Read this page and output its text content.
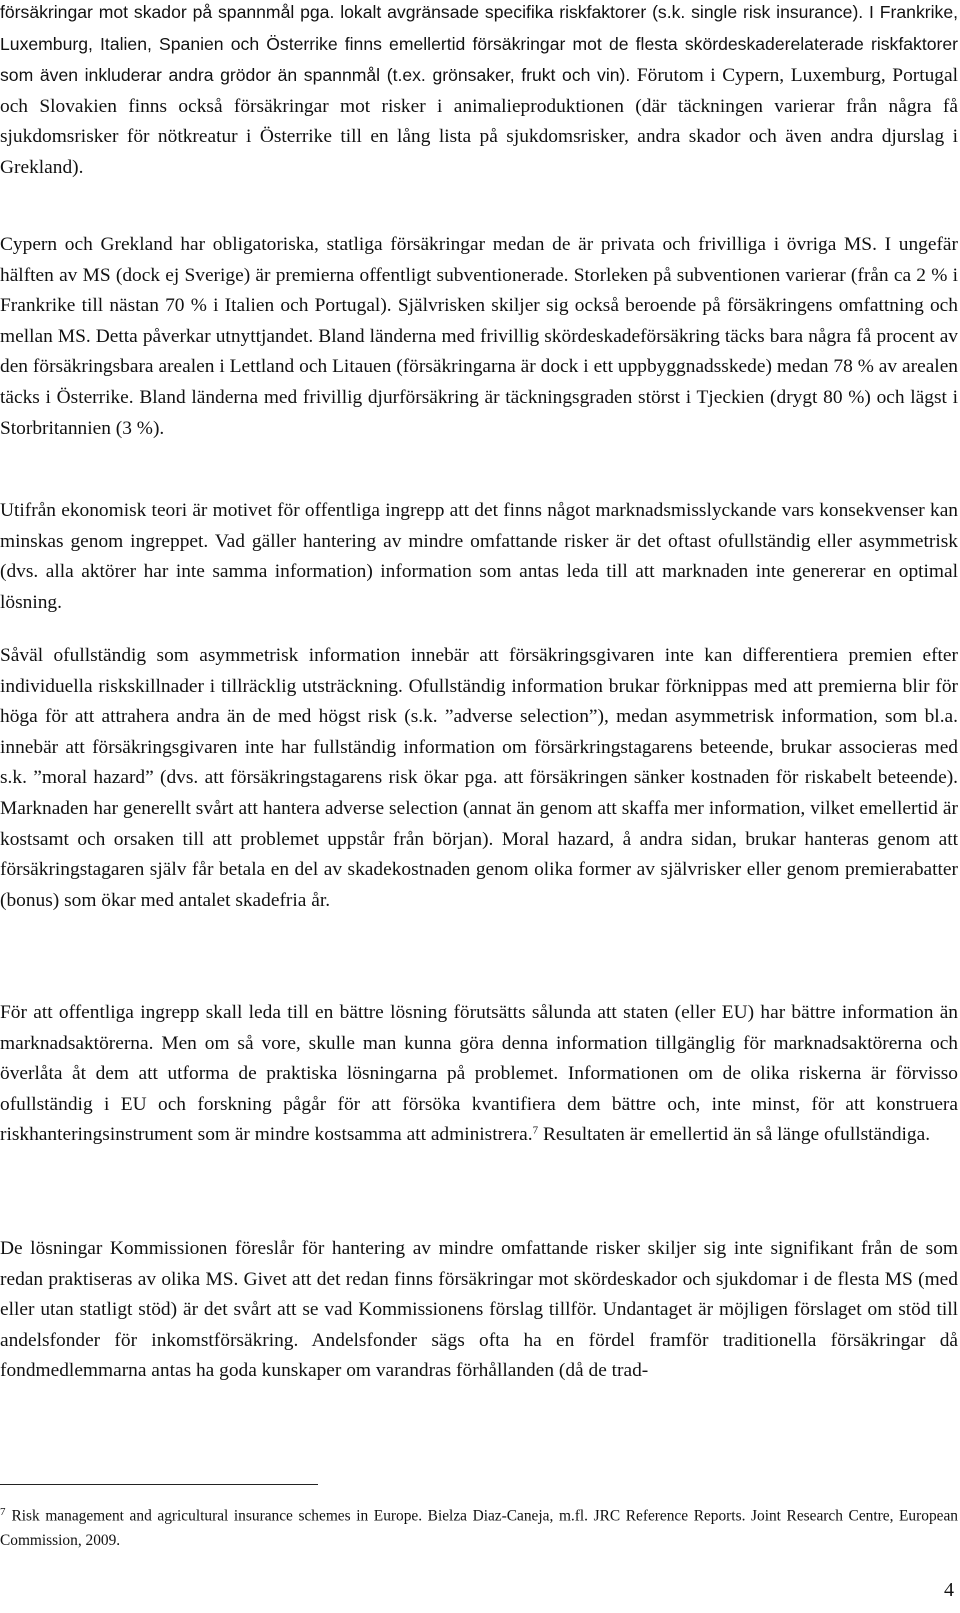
försäkringar mot skador på spannmål pga. lokalt avgränsade specifika riskfaktorer (s.k. single risk insurance). I Frankrike, Luxemburg, Italien, Spanien och Österrike finns emellertid försäkringar mot de flesta skördeskaderelaterade riskfaktorer som även inkluderar andra grödor än spannmål (t.ex. grönsaker, frukt och vin). Förutom i Cypern, Luxemburg, Portugal och Slovakien finns också försäkringar mot risker i animalieproduktionen (där täckningen varierar från några få sjukdomsrisker för nötkreatur i Österrike till en lång lista på sjukdomsrisker, andra skador och även andra djurslag i Grekland).

Cypern och Grekland har obligatoriska, statliga försäkringar medan de är privata och frivilliga i övriga MS. I ungefär hälften av MS (dock ej Sverige) är premierna offentligt subventionerade. Storleken på subventionen varierar (från ca 2 % i Frankrike till nästan 70 % i Italien och Portugal). Självrisken skiljer sig också beroende på försäkringens omfattning och mellan MS. Detta påverkar utnyttjandet. Bland länderna med frivillig skördeskadeförsäkring täcks bara några få procent av den försäkringsbara arealen i Lettland och Litauen (försäkringarna är dock i ett uppbyggnadsskede) medan 78 % av arealen täcks i Österrike. Bland länderna med frivillig djurförsäkring är täckningsgraden störst i Tjeckien (drygt 80 %) och lägst i Storbritannien (3 %).

Utifrån ekonomisk teori är motivet för offentliga ingrepp att det finns något marknadsmisslyckande vars konsekvenser kan minskas genom ingreppet. Vad gäller hantering av mindre omfattande risker är det oftast ofullständig eller asymmetrisk (dvs. alla aktörer har inte samma information) information som antas leda till att marknaden inte genererar en optimal lösning.

Såväl ofullständig som asymmetrisk information innebär att försäkringsgivaren inte kan differentiera premien efter individuella riskskillnader i tillräcklig utsträckning. Ofullständig information brukar förknippas med att premierna blir för höga för att attrahera andra än de med högst risk (s.k. ”adverse selection”), medan asymmetrisk information, som bl.a. innebär att försäkringsgivaren inte har fullständig information om försärkringstagarens beteende, brukar associeras med s.k. ”moral hazard” (dvs. att försäkringstagarens risk ökar pga. att försäkringen sänker kostnaden för riskabelt beteende). Marknaden har generellt svårt att hantera adverse selection (annat än genom att skaffa mer information, vilket emellertid är kostsamt och orsaken till att problemet uppstår från början). Moral hazard, å andra sidan, brukar hanteras genom att försäkringstagaren själv får betala en del av skadekostnaden genom olika former av självrisker eller genom premierabatter (bonus) som ökar med antalet skadefria år.

För att offentliga ingrepp skall leda till en bättre lösning förutsätts sålunda att staten (eller EU) har bättre information än marknadsaktörerna. Men om så vore, skulle man kunna göra denna information tillgänglig för marknadsaktörerna och överlåta åt dem att utforma de praktiska lösningarna på problemet. Informationen om de olika riskerna är förvisso ofullständig i EU och forskning pågår för att försöka kvantifiera dem bättre och, inte minst, för att konstruera riskhanteringsinstrument som är mindre kostsamma att administrera.$^7$ Resultaten är emellertid än så länge ofullständiga.

De lösningar Kommissionen föreslår för hantering av mindre omfattande risker skiljer sig inte signifikant från de som redan praktiseras av olika MS. Givet att det redan finns försäkringar mot skördeskador och sjukdomar i de flesta MS (med eller utan statligt stöd) är det svårt att se vad Kommissionens förslag tillför. Undantaget är möjligen förslaget om stöd till andelsfonder för inkomstförsäkring. Andelsfonder sägs ofta ha en fördel framför traditionella försäkringar då fondmedlemmarna antas ha goda kunskaper om varandras förhållanden (då de trad-

$^7$ Risk management and agricultural insurance schemes in Europe. Bielza Diaz-Caneja, m.fl. JRC Reference Reports. Joint Research Centre, European Commission, 2009.

4
